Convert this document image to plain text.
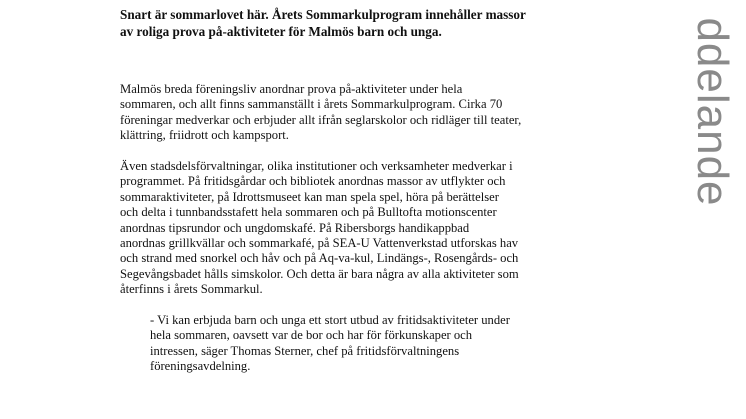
Snart är sommarlovet här. Årets Sommarkulprogram innehåller massor
av roliga prova på-aktiviteter för Malmös barn och unga.

Malmös breda föreningsliv anordnar prova på-aktiviteter under hela
sommaren, och allt finns sammanställt i årets Sommarkulprogram. Cirka 70
föreningar medverkar och erbjuder allt ifrån seglarskolor och ridläger till teater,
klättring, friidrott och kampsport.

Även stadsdelsförvaltningar, olika institutioner och verksamheter medverkar i
programmet. På fritidsgårdar och bibliotek anordnas massor av utflykter och
sommaraktiviteter, på Idrottsmuseet kan man spela spel, höra på berättelser
och delta i tunnbandsstafett hela sommaren och på Bulltofta motionscenter
anordnas tipsrundor och ungdomskafé. På Ribersborgs handikappbad
anordnas grillkvällar och sommarkafé, på SEA-U Vattenverkstad utforskas hav
och strand med snorkel och håv och på Aq-va-kul, Lindängs-, Rosengårds- och
Segevångsbadet hålls simskolor. Och detta är bara några av alla aktiviteter som
återfinns i årets Sommarkul.

- Vi kan erbjuda barn och unga ett stort utbud av fritidsaktiviteter under
hela sommaren, oavsett var de bor och har för förkunskaper och
intressen, säger Thomas Sterner, chef på fritidsförvaltningens
föreningsavdelning.

ddelande
